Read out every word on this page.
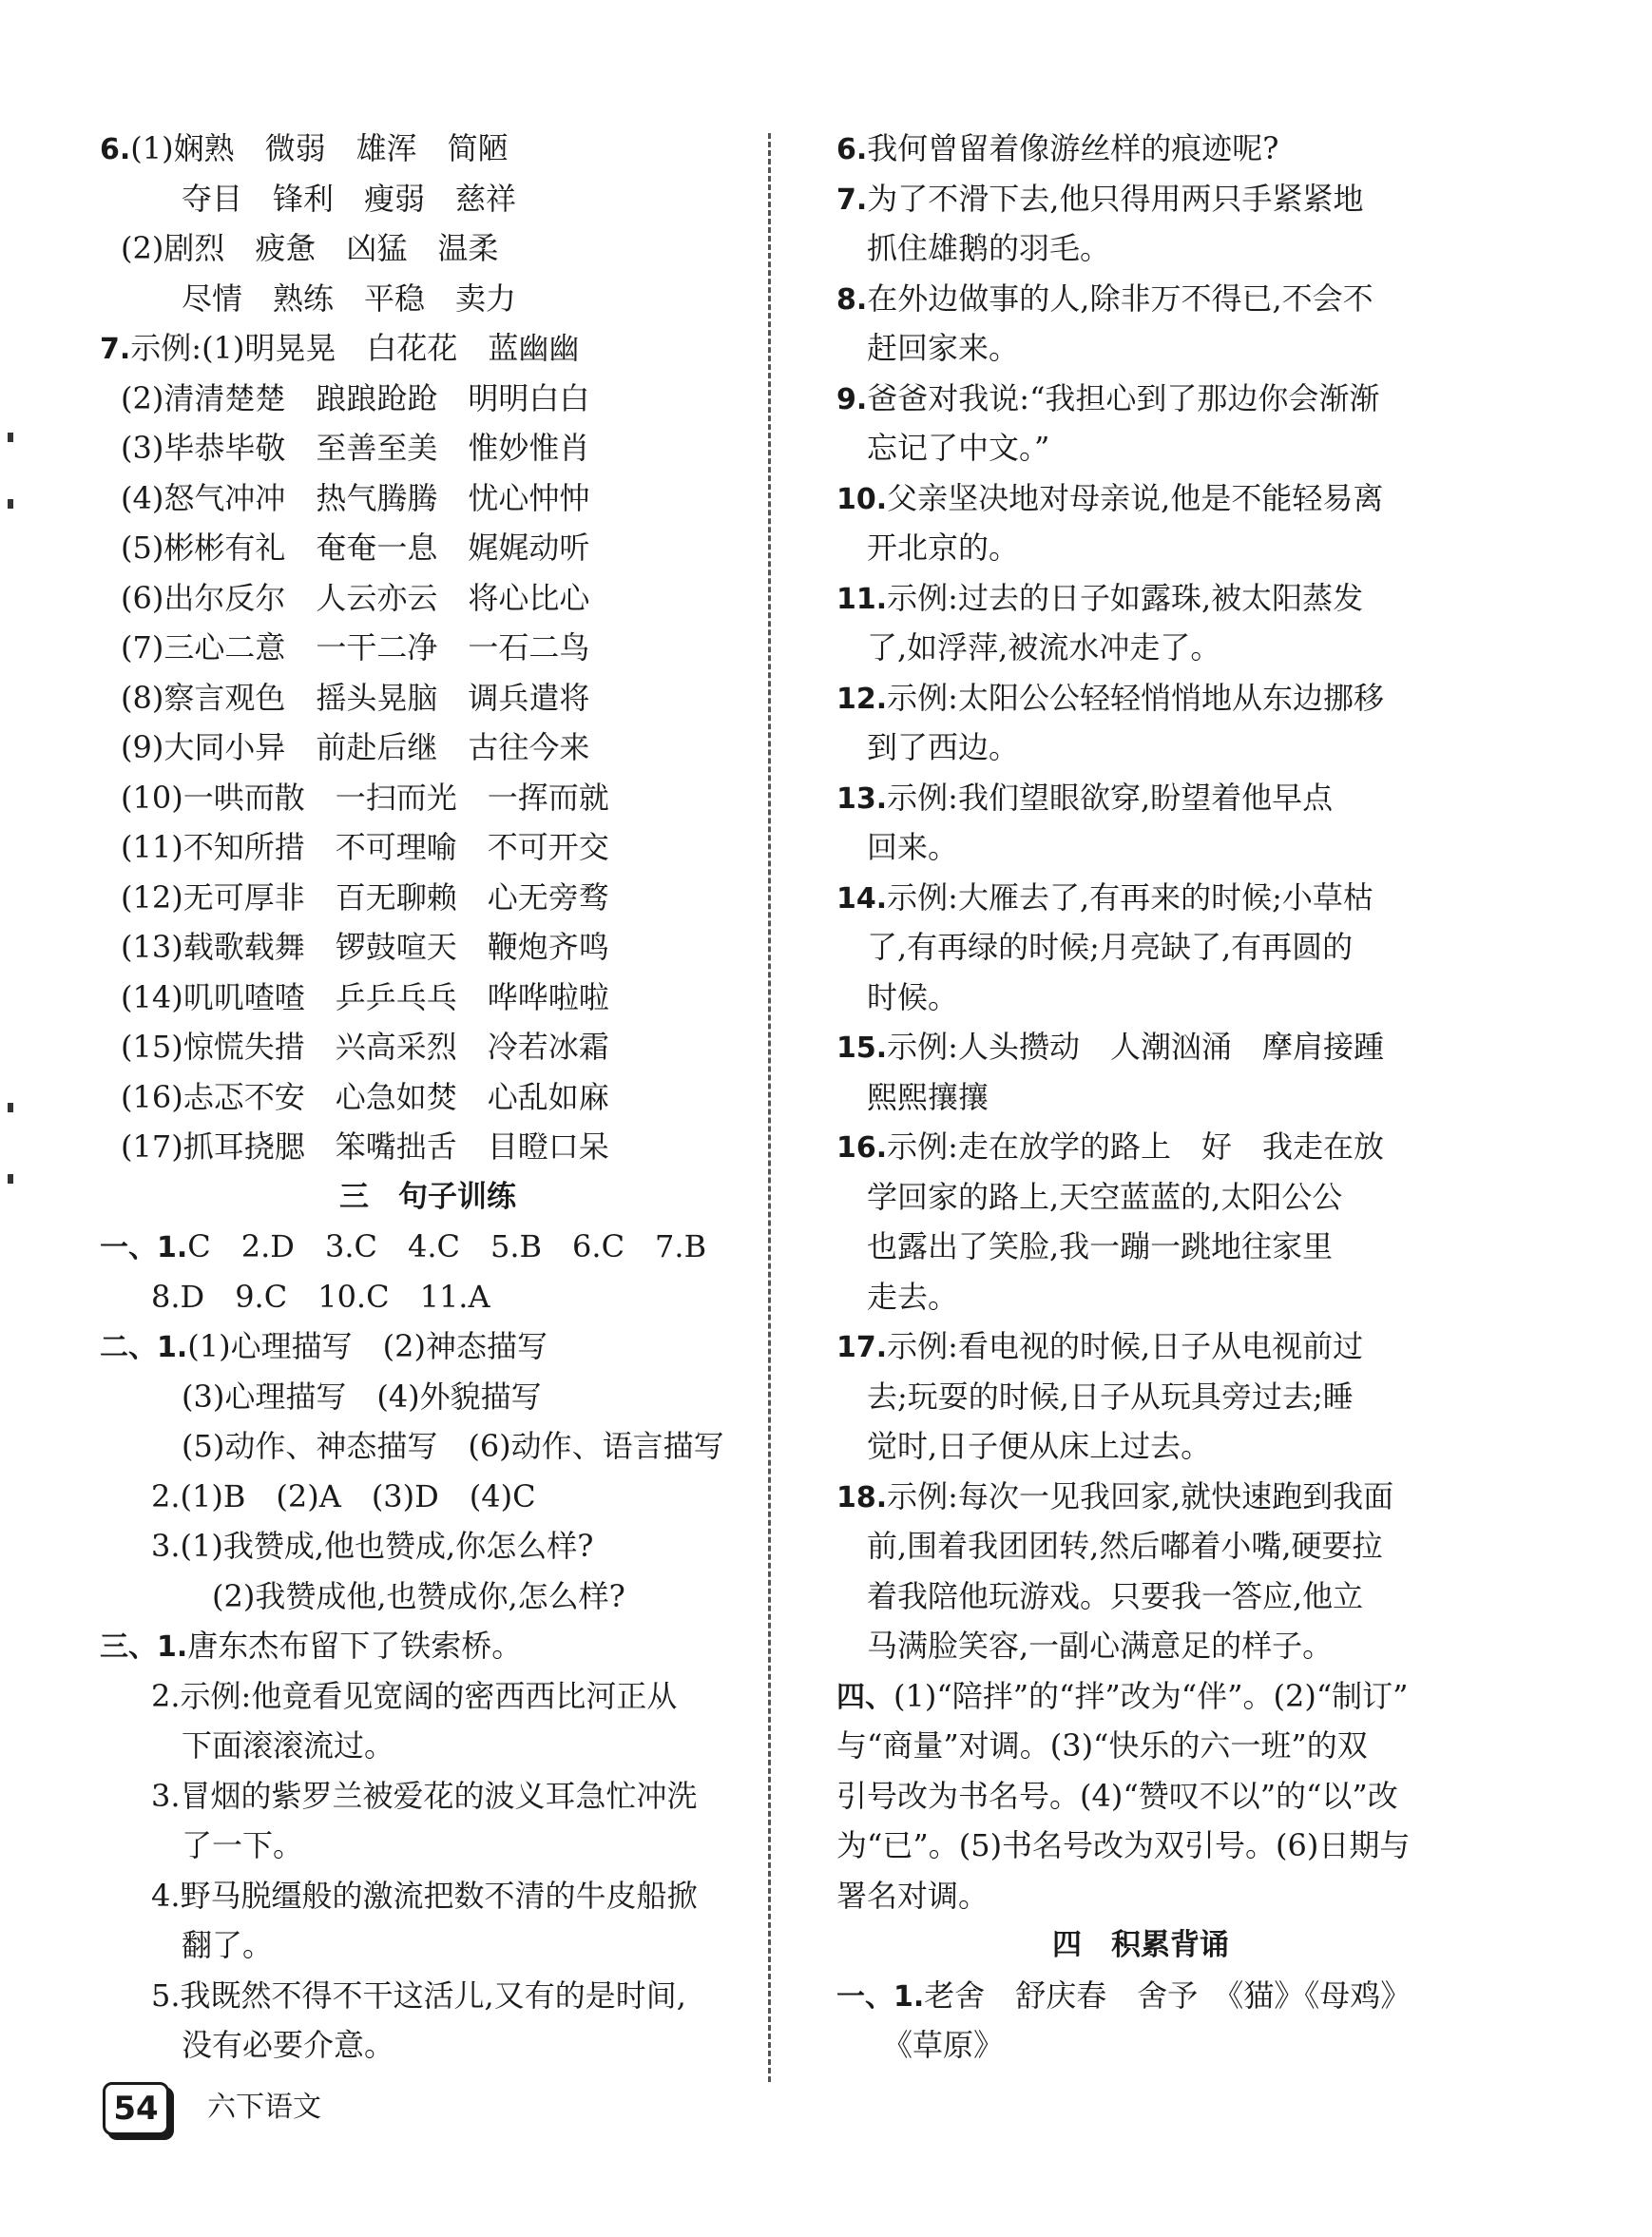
6.(1)娴熟　微弱　雄浑　简陋
　　夺目　锋利　瘦弱　慈祥
(2)剧烈　疲惫　凶猛　温柔
　　尽情　熟练　平稳　卖力
7.示例:(1)明晃晃　白花花　蓝幽幽
(2)清清楚楚　踉踉跄跄　明明白白
(3)毕恭毕敬　至善至美　惟妙惟肖
(4)怒气冲冲　热气腾腾　忧心忡忡
(5)彬彬有礼　奄奄一息　娓娓动听
(6)出尔反尔　人云亦云　将心比心
(7)三心二意　一干二净　一石二鸟
(8)察言观色　摇头晃脑　调兵遣将
(9)大同小异　前赴后继　古往今来
(10)一哄而散　一扫而光　一挥而就
(11)不知所措　不可理喻　不可开交
(12)无可厚非　百无聊赖　心无旁骛
(13)载歌载舞　锣鼓喧天　鞭炮齐鸣
(14)叽叽喳喳　乒乒乓乓　哗哗啦啦
(15)惊慌失措　兴高采烈　冷若冰霜
(16)忐忑不安　心急如焚　心乱如麻
(17)抓耳挠腮　笨嘴拙舌　目瞪口呆
三　句子训练
一、1.C　2.D　3.C　4.C　5.B　6.C　7.B
　8.D　9.C　10.C　11.A
二、1.(1)心理描写　(2)神态描写
　　(3)心理描写　(4)外貌描写
　　(5)动作、神态描写　(6)动作、语言描写
　2.(1)B　(2)A　(3)D　(4)C
　3.(1)我赞成,他也赞成,你怎么样?
　　　(2)我赞成他,也赞成你,怎么样?
三、1.唐东杰布留下了铁索桥。
　2.示例:他竟看见宽阔的密西西比河正从
　　下面滚滚流过。
　3.冒烟的紫罗兰被爱花的波义耳急忙冲洗
　　了一下。
　4.野马脱缰般的激流把数不清的牛皮船掀
　　翻了。
　5.我既然不得不干这活儿,又有的是时间,
　　没有必要介意。
6.我何曾留着像游丝样的痕迹呢?
7.为了不滑下去,他只得用两只手紧紧地
　抓住雄鹅的羽毛。
8.在外边做事的人,除非万不得已,不会不
　赶回家来。
9.爸爸对我说:“我担心到了那边你会渐渐
　忘记了中文。”
10.父亲坚决地对母亲说,他是不能轻易离
　开北京的。
11.示例:过去的日子如露珠,被太阳蒸发
　了,如浮萍,被流水冲走了。
12.示例:太阳公公轻轻悄悄地从东边挪移
　到了西边。
13.示例:我们望眼欲穿,盼望着他早点
　回来。
14.示例:大雁去了,有再来的时候;小草枯
　了,有再绿的时候;月亮缺了,有再圆的
　时候。
15.示例:人头攒动　人潮汹涌　摩肩接踵
　熙熙攘攘
16.示例:走在放学的路上　好　我走在放
　学回家的路上,天空蓝蓝的,太阳公公
　也露出了笑脸,我一蹦一跳地往家里
　走去。
17.示例:看电视的时候,日子从电视前过
　去;玩耍的时候,日子从玩具旁过去;睡
　觉时,日子便从床上过去。
18.示例:每次一见我回家,就快速跑到我面
　前,围着我团团转,然后嘟着小嘴,硬要拉
　着我陪他玩游戏。只要我一答应,他立
　马满脸笑容,一副心满意足的样子。
四、(1)“陪拌”的“拌”改为“伴”。(2)“制订”
与“商量”对调。(3)“快乐的六一班”的双
引号改为书名号。(4)“赞叹不以”的“以”改
为“已”。(5)书名号改为双引号。(6)日期与
署名对调。
四　积累背诵
一、1.老舍　舒庆春　舍予　《猫》《母鸡》
　　《草原》
54	六下语文
